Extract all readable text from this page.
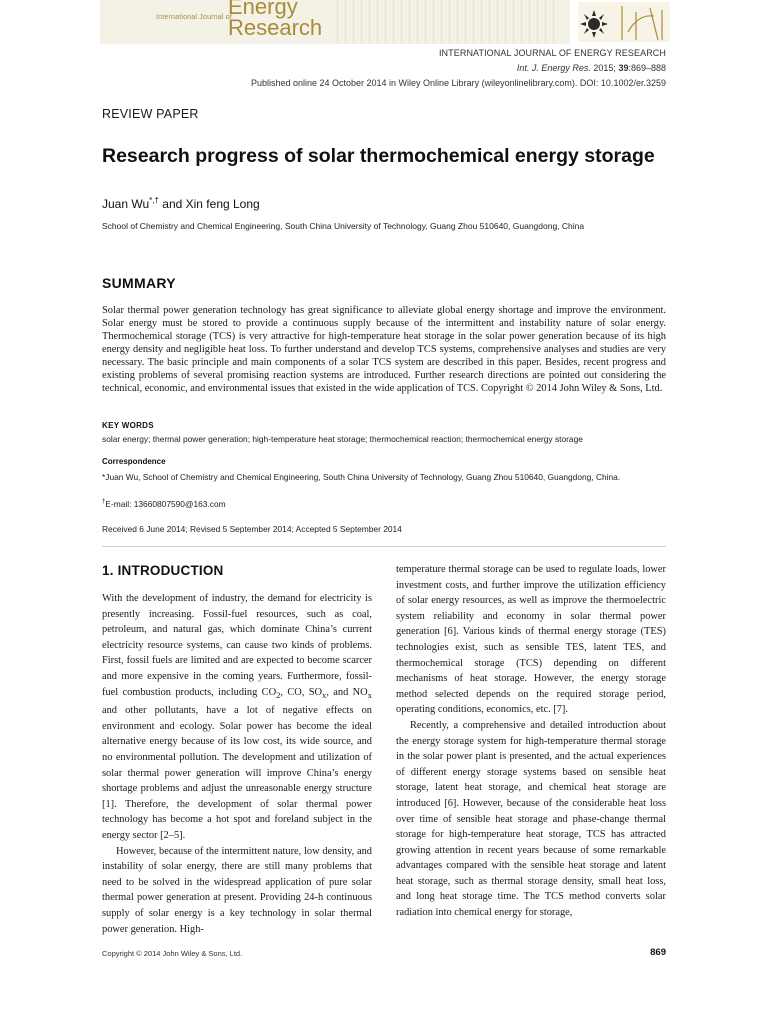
International Journal of
Energy
Research
INTERNATIONAL JOURNAL OF ENERGY RESEARCH
Int. J. Energy Res. 2015; 39:869–888
Published online 24 October 2014 in Wiley Online Library (wileyonlinelibrary.com). DOI: 10.1002/er.3259
REVIEW PAPER
Research progress of solar thermochemical energy storage
Juan Wu*,† and Xin feng Long
School of Chemistry and Chemical Engineering, South China University of Technology, Guang Zhou 510640, Guangdong, China
SUMMARY

Solar thermal power generation technology has great significance to alleviate global energy shortage and improve the environment. Solar energy must be stored to provide a continuous supply because of the intermittent and instability nature of solar energy. Thermochemical storage (TCS) is very attractive for high-temperature heat storage in the solar power generation because of its high energy density and negligible heat loss. To further understand and develop TCS systems, comprehensive analyses and studies are very necessary. The basic principle and main components of a solar TCS system are described in this paper. Besides, recent progress and existing problems of several promising reaction systems are introduced. Further research directions are pointed out considering the technical, economic, and environmental issues that existed in the wide application of TCS. Copyright © 2014 John Wiley & Sons, Ltd.

KEY WORDS
solar energy; thermal power generation; high-temperature heat storage; thermochemical reaction; thermochemical energy storage
Correspondence

*Juan Wu, School of Chemistry and Chemical Engineering, South China University of Technology, Guang Zhou 510640, Guangdong, China.

†E-mail: 13660807590@163.com
Received 6 June 2014; Revised 5 September 2014; Accepted 5 September 2014
1. INTRODUCTION

With the development of industry, the demand for electricity is presently increasing. Fossil-fuel resources, such as coal, petroleum, and natural gas, which dominate China’s current electricity resource systems, can cause two kinds of problems. First, fossil fuels are limited and are expected to become scarcer and more expensive in the coming years. Furthermore, fossil-fuel combustion products, including $CO_2$, CO, $SO_x$, and $NO_x$ and other pollutants, have a lot of negative effects on environment and ecology. Solar power has become the ideal alternative energy because of its low cost, its wide source, and no environmental pollution. The development and utilization of solar thermal power generation will improve China’s energy shortage problems and adjust the unreasonable energy structure [1]. Therefore, the development of solar thermal power technology has become a hot spot and foreland subject in the energy sector [2–5].

However, because of the intermittent nature, low density, and instability of solar energy, there are still many problems that need to be solved in the widespread application of pure solar thermal power generation at present. Providing 24-h continuous supply of solar energy is a key technology in solar thermal power generation. High-

temperature thermal storage can be used to regulate loads, lower investment costs, and further improve the utilization efficiency of solar energy resources, as well as improve the thermoelectric system reliability and economy in solar thermal power generation [6]. Various kinds of thermal energy storage (TES) technologies exist, such as sensible TES, latent TES, and thermochemical storage (TCS) depending on different mechanisms of heat storage. However, the energy storage method selected depends on the required storage period, operating conditions, economics, etc. [7].

Recently, a comprehensive and detailed introduction about the energy storage system for high-temperature thermal storage in the solar power plant is presented, and the actual experiences of different energy storage systems based on sensible heat storage, latent heat storage, and chemical heat storage are introduced [6]. However, because of the considerable heat loss over time of sensible heat storage and phase-change thermal storage for high-temperature heat storage, TCS has attracted growing attention in recent years because of some remarkable advantages compared with the sensible heat storage and latent heat storage, such as thermal storage density, small heat loss, and long heat storage time. The TCS method converts solar radiation into chemical energy for storage,

Copyright © 2014 John Wiley & Sons, Ltd.	869
